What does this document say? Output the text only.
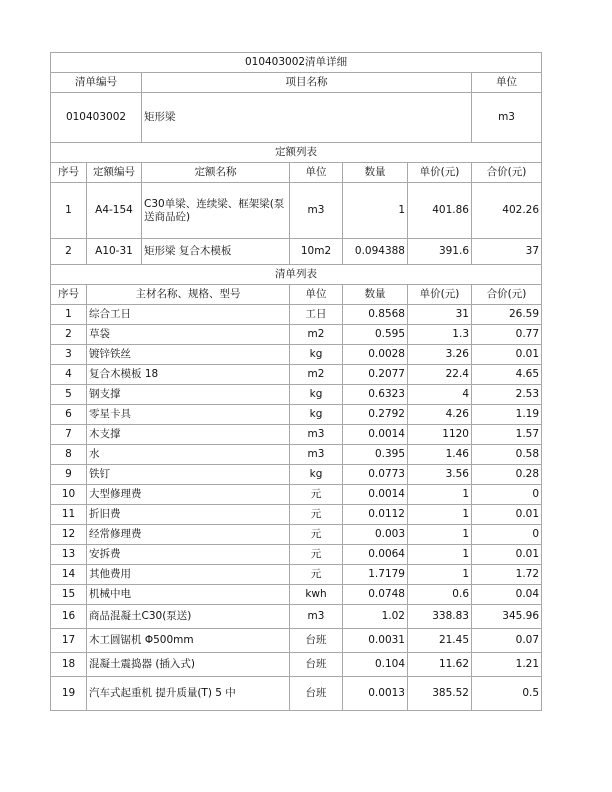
010403002清单详细							
清单编号		项目名称				单位	
010403002		矩形梁				m3	
定额列表							
序号	定额编号	定额名称	单位	数量	单价(元)	合价(元)	
1	A4-154	C30单梁、连续梁、框架梁(泵送商品砼)	m3	1	401.86	402.26	
2	A10-31	矩形梁 复合木模板	10m2	0.094388	391.6	37	
清单列表							
序号	主材名称、规格、型号		单位	数量	单价(元)	合价(元)	
1	综合工日		工日	0.8568	31	26.59	
2	草袋		m2	0.595	1.3	0.77	
3	镀锌铁丝		kg	0.0028	3.26	0.01	
4	复合木模板 18		m2	0.2077	22.4	4.65	
5	钢支撑		kg	0.6323	4	2.53	
6	零星卡具		kg	0.2792	4.26	1.19	
7	木支撑		m3	0.0014	1120	1.57	
8	水		m3	0.395	1.46	0.58	
9	铁钉		kg	0.0773	3.56	0.28	
10	大型修理费		元	0.0014	1	0	
11	折旧费		元	0.0112	1	0.01	
12	经常修理费		元	0.003	1	0	
13	安拆费		元	0.0064	1	0.01	
14	其他费用		元	1.7179	1	1.72	
15	机械中电		kwh	0.0748	0.6	0.04	
16	商品混凝土C30(泵送)		m3	1.02	338.83	345.96	
17	木工圆锯机 Φ500mm		台班	0.0031	21.45	0.07	
18	混凝土震捣器 (插入式)		台班	0.104	11.62	1.21	
19	汽车式起重机 提升质量(T) 5 中		台班	0.0013	385.52	0.5	
